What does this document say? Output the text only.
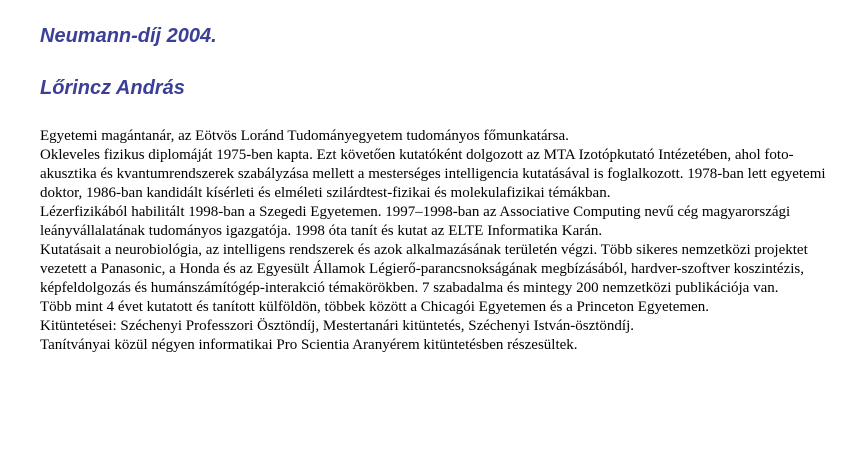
Neumann-díj 2004.
Lőrincz András

Egyetemi magántanár, az Eötvös Loránd Tudományegyetem tudományos főmunkatársa.

Okleveles fizikus diplomáját 1975-ben kapta. Ezt követően kutatóként dolgozott az MTA Izotópkutató Intézetében, ahol foto-akusztika és kvantumrendszerek szabályzása mellett a mesterséges intelligencia kutatásával is foglalkozott. 1978-ban lett egyetemi doktor, 1986-ban kandidált kísérleti és elméleti szilárdtest-fizikai és molekulafizikai témákban.

Lézerfizikából habilitált 1998-ban a Szegedi Egyetemen. 1997–1998-ban az Associative Computing nevű cég magyarországi leányvállalatának tudományos igazgatója. 1998 óta tanít és kutat az ELTE Informatika Karán.

Kutatásait a neurobiológia, az intelligens rendszerek és azok alkalmazásának területén végzi. Több sikeres nemzetközi projektet vezetett a Panasonic, a Honda és az Egyesült Államok Légierő-parancsnokságának megbízásából, hardver-szoftver koszintézis, képfeldolgozás és humánszámítógép-interakció témakörökben. 7 szabadalma és mintegy 200 nemzetközi publikációja van.

Több mint 4 évet kutatott és tanított külföldön, többek között a Chicagói Egyetemen és a Princeton Egyetemen.

Kitüntetései: Széchenyi Professzori Ösztöndíj, Mestertanári kitüntetés, Széchenyi István-ösztöndíj.

Tanítványai közül négyen informatikai Pro Scientia Aranyérem kitüntetésben részesültek.
